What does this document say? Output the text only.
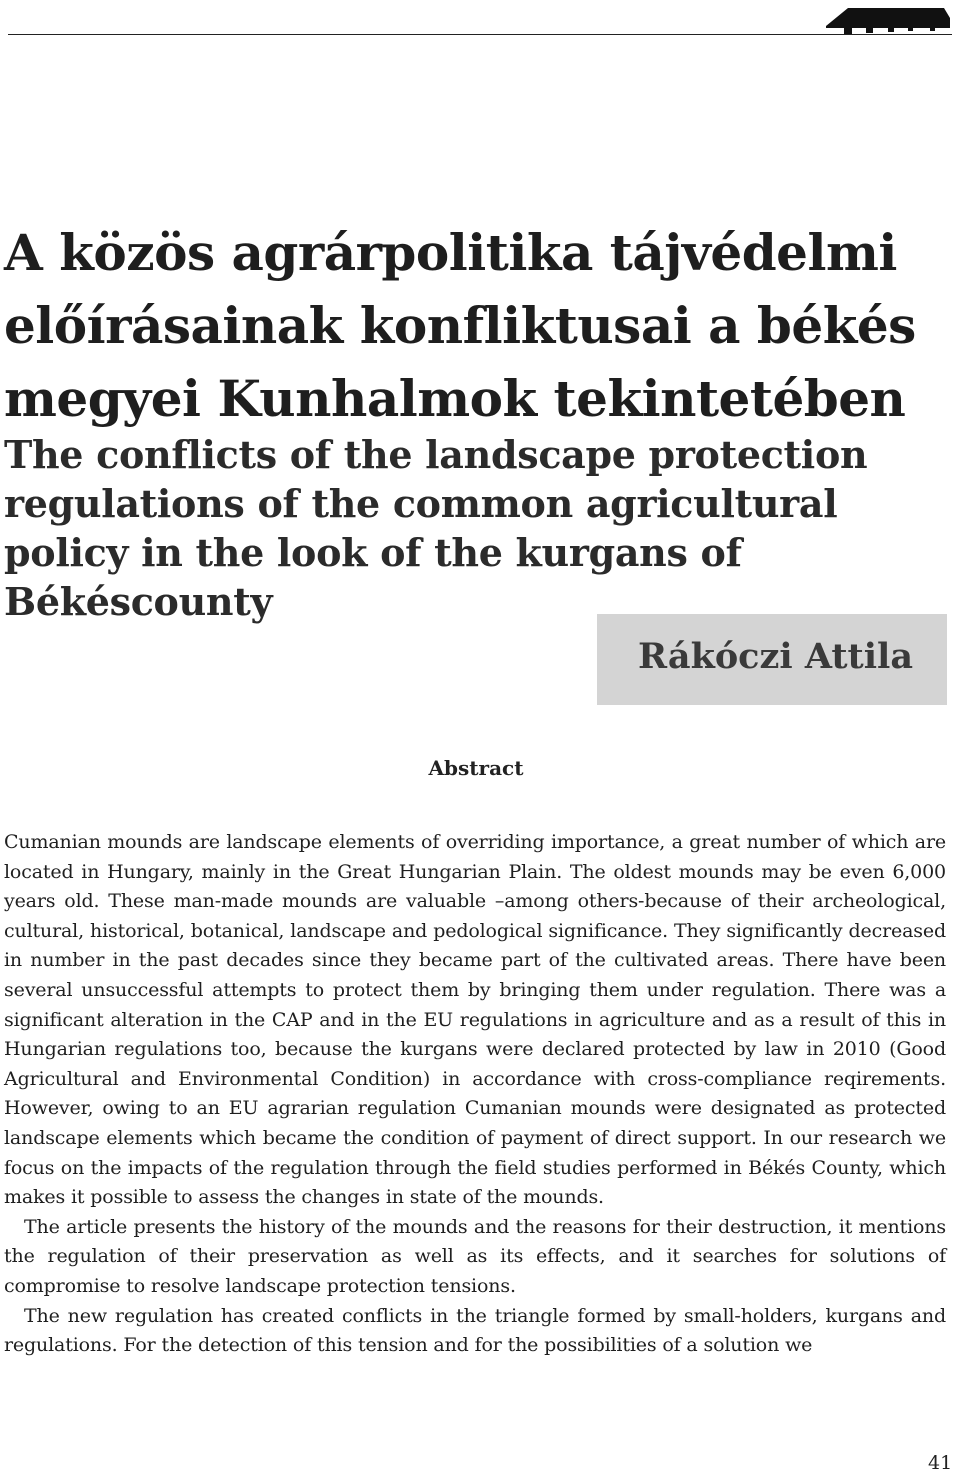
A közös agrárpolitika tájvédelmi előírásainak konfliktusai a békés megyei Kunhalmok tekintetében
The conflicts of the landscape protection regulations of the common agricultural policy in the look of the kurgans of Békéscounty
Rákóczi Attila
Abstract

Cumanian mounds are landscape elements of overriding importance, a great number of which are located in Hungary, mainly in the Great Hungarian Plain. The oldest mounds may be even 6,000 years old. These man-made mounds are valuable –among others-because of their archeological, cultural, historical, botanical, landscape and pedological significance. They significantly decreased in number in the past decades since they became part of the cultivated areas. There have been several unsuccessful attempts to protect them by bringing them under regulation. There was a significant alteration in the CAP and in the EU regulations in agriculture and as a result of this in Hungarian regulations too, because the kurgans were declared protected by law in 2010 (Good Agricultural and Environmental Condition) in accordance with cross-compliance reqirements. However, owing to an EU agrarian regulation Cumanian mounds were designated as protected landscape elements which became the condition of payment of direct support. In our research we focus on the impacts of the regulation through the field studies performed in Békés County, which makes it possible to assess the changes in state of the mounds.

The article presents the history of the mounds and the reasons for their destruction, it mentions the regulation of their preservation as well as its effects, and it searches for solutions of compromise to resolve landscape protection tensions.

The new regulation has created conflicts in the triangle formed by small-holders, kurgans and regulations. For the detection of this tension and for the possibilities of a solution we

41
